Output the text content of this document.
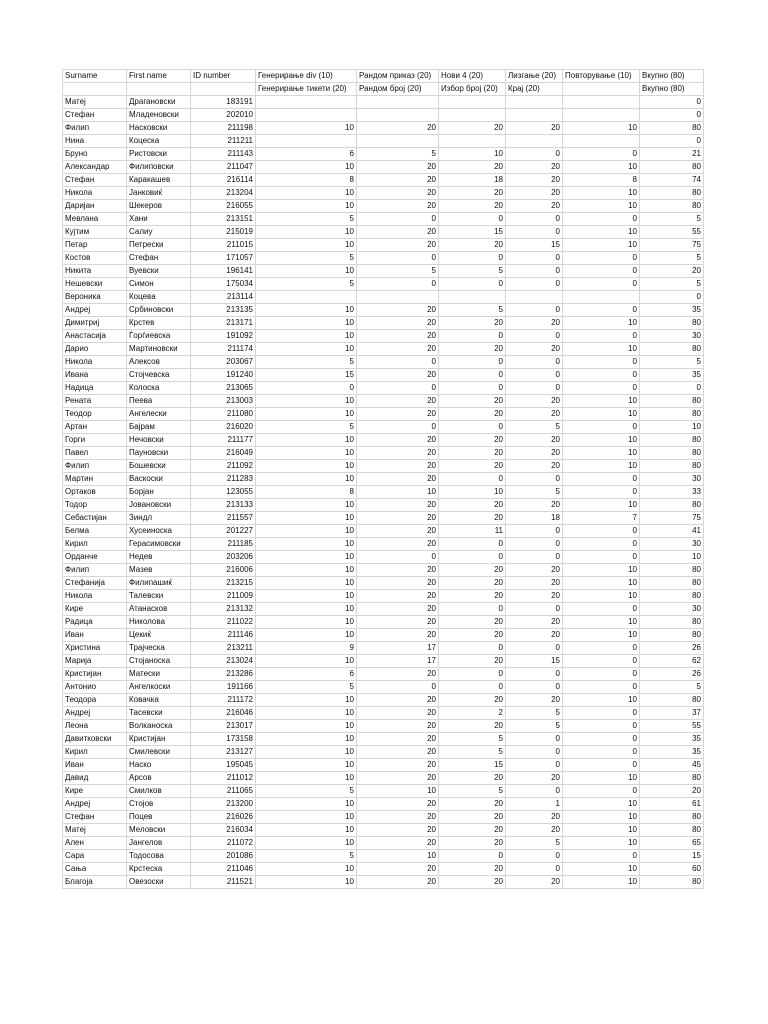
Surname	First name	ID number	Генерирање div (10)	Рандом приказ (20)	Нови 4 (20)	Лизгање (20)	Повторување (10)	Вкупно (80)
			Генерирање тикети (20)	Рандом број (20)	Избор број (20)	Крај (20)		Вкупно (80)
Матеј	Драгановски	183191						0
Стефан	Младеновски	202010						0
Филип	Насковски	211198	10	20	20	20	10	80
Нина	Коцеска	211211						0
Бруно	Ристовски	211143	6	5	10	0	0	21
Александар	Филиповски	211047	10	20	20	20	10	80
Стефан	Каракашев	216114	8	20	18	20	8	74
Никола	Јанковиќ	213204	10	20	20	20	10	80
Даријан	Шекеров	216055	10	20	20	20	10	80
Мевлана	Хани	213151	5	0	0	0	0	5
Кујтим	Салиу	215019	10	20	15	0	10	55
Петар	Петрески	211015	10	20	20	15	10	75
Костов	Стефан	171057	5	0	0	0	0	5
Никита	Вуевски	196141	10	5	5	0	0	20
Нешевски	Симон	175034	5	0	0	0	0	5
Вероника	Коцева	213114						0
Андреј	Србиновски	213135	10	20	5	0	0	35
Димитриј	Крстев	213171	10	20	20	20	10	80
Анастасија	Ѓорѓиевска	191092	10	20	0	0	0	30
Дарио	Мартиновски	211174	10	20	20	20	10	80
Никола	Алексов	203067	5	0	0	0	0	5
Ивана	Стојчевска	191240	15	20	0	0	0	35
Надица	Колоска	213065	0	0	0	0	0	0
Рената	Пеева	213003	10	20	20	20	10	80
Теодор	Ангелески	211080	10	20	20	20	10	80
Артан	Бајрам	216020	5	0	0	5	0	10
Горги	Нечовски	211177	10	20	20	20	10	80
Павел	Пауновски	216049	10	20	20	20	10	80
Филип	Бошевски	211092	10	20	20	20	10	80
Мартин	Васкоски	211283	10	20	0	0	0	30
Ортаков	Борјан	123055	8	10	10	5	0	33
Тодор	Јовановски	213133	10	20	20	20	10	80
Себастијан	Зиндл	211557	10	20	20	18	7	75
Белма	Хусеиноска	201227	10	20	11	0	0	41
Кирил	Герасимовски	211185	10	20	0	0	0	30
Орданче	Недев	203206	10	0	0	0	0	10
Филип	Мазев	216006	10	20	20	20	10	80
Стефанија	Филипашиќ	213215	10	20	20	20	10	80
Никола	Талевски	211009	10	20	20	20	10	80
Кире	Атанасков	213132	10	20	0	0	0	30
Радица	Николова	211022	10	20	20	20	10	80
Иван	Цекиќ	211146	10	20	20	20	10	80
Христина	Трајческа	213211	9	17	0	0	0	26
Марија	Стојаноска	213024	10	17	20	15	0	62
Кристијан	Матески	213286	6	20	0	0	0	26
Антонио	Ангелкоски	191166	5	0	0	0	0	5
Теодора	Ковачка	211172	10	20	20	20	10	80
Андреј	Тасевски	216046	10	20	2	5	0	37
Леона	Волканоска	213017	10	20	20	5	0	55
Давитковски	Кристијан	173158	10	20	5	0	0	35
Кирил	Смилевски	213127	10	20	5	0	0	35
Иван	Наско	195045	10	20	15	0	0	45
Давид	Арсов	211012	10	20	20	20	10	80
Кире	Смилков	211065	5	10	5	0	0	20
Андреј	Стојов	213200	10	20	20	1	10	61
Стефан	Поцев	216026	10	20	20	20	10	80
Матеј	Меловски	216034	10	20	20	20	10	80
Ален	Јангелов	211072	10	20	20	5	10	65
Сара	Тодосова	201086	5	10	0	0	0	15
Сања	Крстеска	211046	10	20	20	0	10	60
Благоја	Овезоски	211521	10	20	20	20	10	80
